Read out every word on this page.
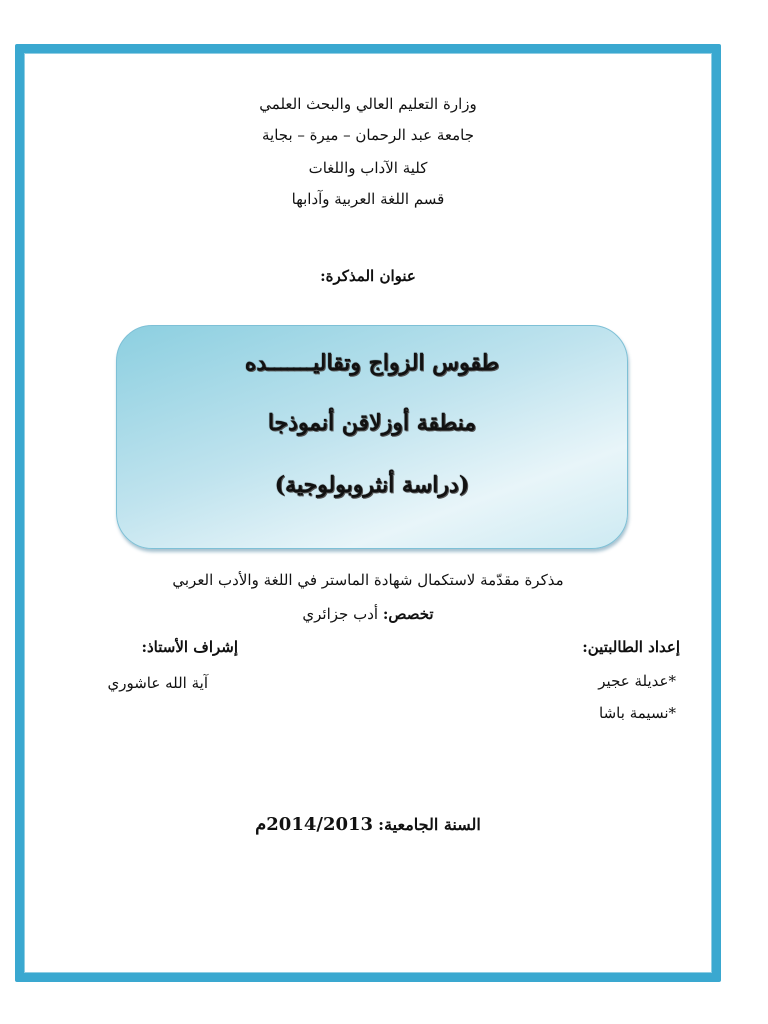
وزارة التعليم العالي والبحث العلمي
جامعة عبد الرحمان – ميرة – بجاية
كلية الآداب واللغات
قسم اللغة العربية وآدابها
عنوان المذكرة:
طقوس الزواج وتقاليـــــــده
منطقة أوزلاقن أنموذجا
(دراسة أنثروبولوجية)
مذكرة مقدّمة لاستكمال شهادة الماستر في اللغة والأدب العربي
تخصص: أدب جزائري
إعداد الطالبتين:
*عديلة عجير
*نسيمة باشا
إشراف الأستاذ:
آية الله عاشوري
السنة الجامعية: 2014/2013م
